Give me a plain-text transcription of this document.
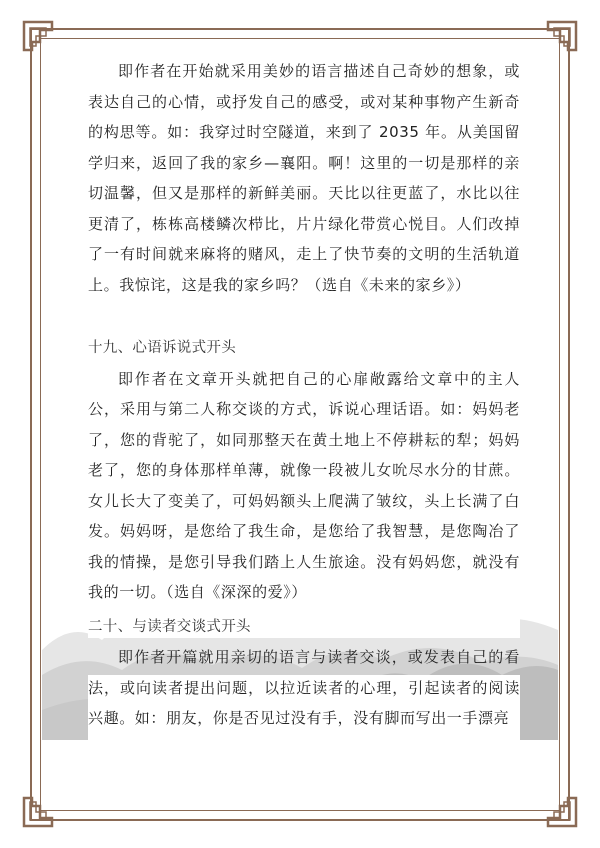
即作者在开始就采用美妙的语言描述自己奇妙的想象，或表达自己的心情，或抒发自己的感受，或对某种事物产生新奇的构思等。如：我穿过时空隧道，来到了 2035 年。从美国留学归来，返回了我的家乡—襄阳。啊！这里的一切是那样的亲切温馨，但又是那样的新鲜美丽。天比以往更蓝了，水比以往更清了，栋栋高楼鳞次栉比，片片绿化带赏心悦目。人们改掉了一有时间就来麻将的赌风，走上了快节奏的文明的生活轨道上。我惊诧，这是我的家乡吗？（选自《未来的家乡》）

十九、心语诉说式开头

即作者在文章开头就把自己的心扉敞露给文章中的主人公，采用与第二人称交谈的方式，诉说心理话语。如：妈妈老了，您的背驼了，如同那整天在黄土地上不停耕耘的犁；妈妈老了，您的身体那样单薄，就像一段被儿女吮尽水分的甘蔗。女儿长大了变美了，可妈妈额头上爬满了皱纹，头上长满了白发。妈妈呀，是您给了我生命，是您给了我智慧，是您陶冶了我的情操，是您引导我们踏上人生旅途。没有妈妈您，就没有我的一切。（选自《深深的爱》）

二十、与读者交谈式开头

即作者开篇就用亲切的语言与读者交谈，或发表自己的看法，或向读者提出问题，以拉近读者的心理，引起读者的阅读兴趣。如：朋友，你是否见过没有手，没有脚而写出一手漂亮
